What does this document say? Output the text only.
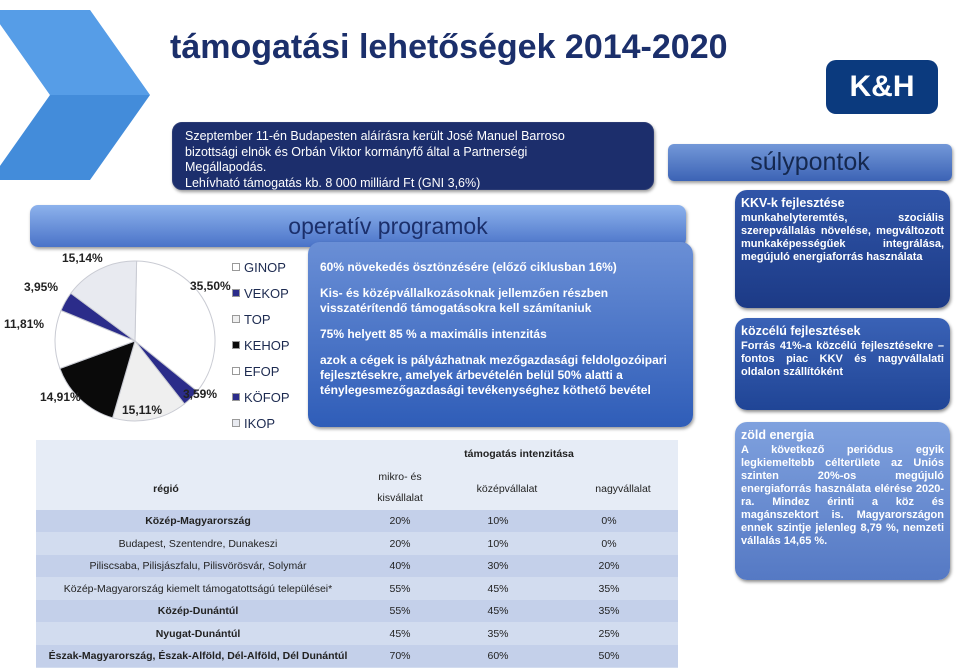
támogatási lehetőségek 2014-2020
K&H

Szeptember 11-én Budapesten aláírásra került José Manuel Barroso

bizottsági elnök és Orbán Viktor kormányfő által a Partnerségi

Megállapodás.

Lehívható támogatás kb. 8 000 milliárd Ft (GNI 3,6%)

súlypontok
operatív programok
15,14%
3,95%
11,81%
14,91%
15,11%
3,59%
35,50%
GINOP
VEKOP
TOP
KEHOP
EFOP
KÖFOP
IKOP

60% növekedés ösztönzésére (előző ciklusban 16%)

Kis- és középvállalkozásoknak jellemzően részben visszatérítendő támogatásokra kell számítaniuk

75% helyett 85 % a maximális intenzitás

azok a cégek is pályázhatnak mezőgazdasági feldolgozóipari fejlesztésekre, amelyek árbevételén belül 50% alatti a ténylegesmezőgazdasági tevékenységhez köthető bevétel

KKV-k fejlesztése

munkahelyteremtés, szociális szerepvállalás növelése, megváltozott munkaképességűek integrálása, megújuló energiaforrás használata

közcélú fejlesztések

Forrás 41%-a közcélú fejlesztésekre – fontos piac KKV és nagyvállalati oldalon szállítóként

zöld energia

A következő periódus egyik legkiemeltebb célterülete az Uniós szinten 20%-os megújuló energiaforrás használata elérése 2020-ra. Mindez érinti a köz és magánszektort is. Magyarországon ennek szintje jelenleg 8,79 %, nemzeti vállalás 14,65 %.

támogatás intenzitása
régió
mikro- és
kisvállalat
középvállalat	nagyvállalat
Közép-Magyarország	20%	10%	0%
Budapest, Szentendre, Dunakeszi	20%	10%	0%
Piliscsaba, Pilisjászfalu, Pilisvörösvár, Solymár	40%	30%	20%
Közép-Magyarország kiemelt támogatottságú települései*	55%	45%	35%
Közép-Dunántúl	55%	45%	35%
Nyugat-Dunántúl	45%	35%	25%
Észak-Magyarország, Észak-Alföld, Dél-Alföld, Dél Dunántúl	70%	60%	50%
